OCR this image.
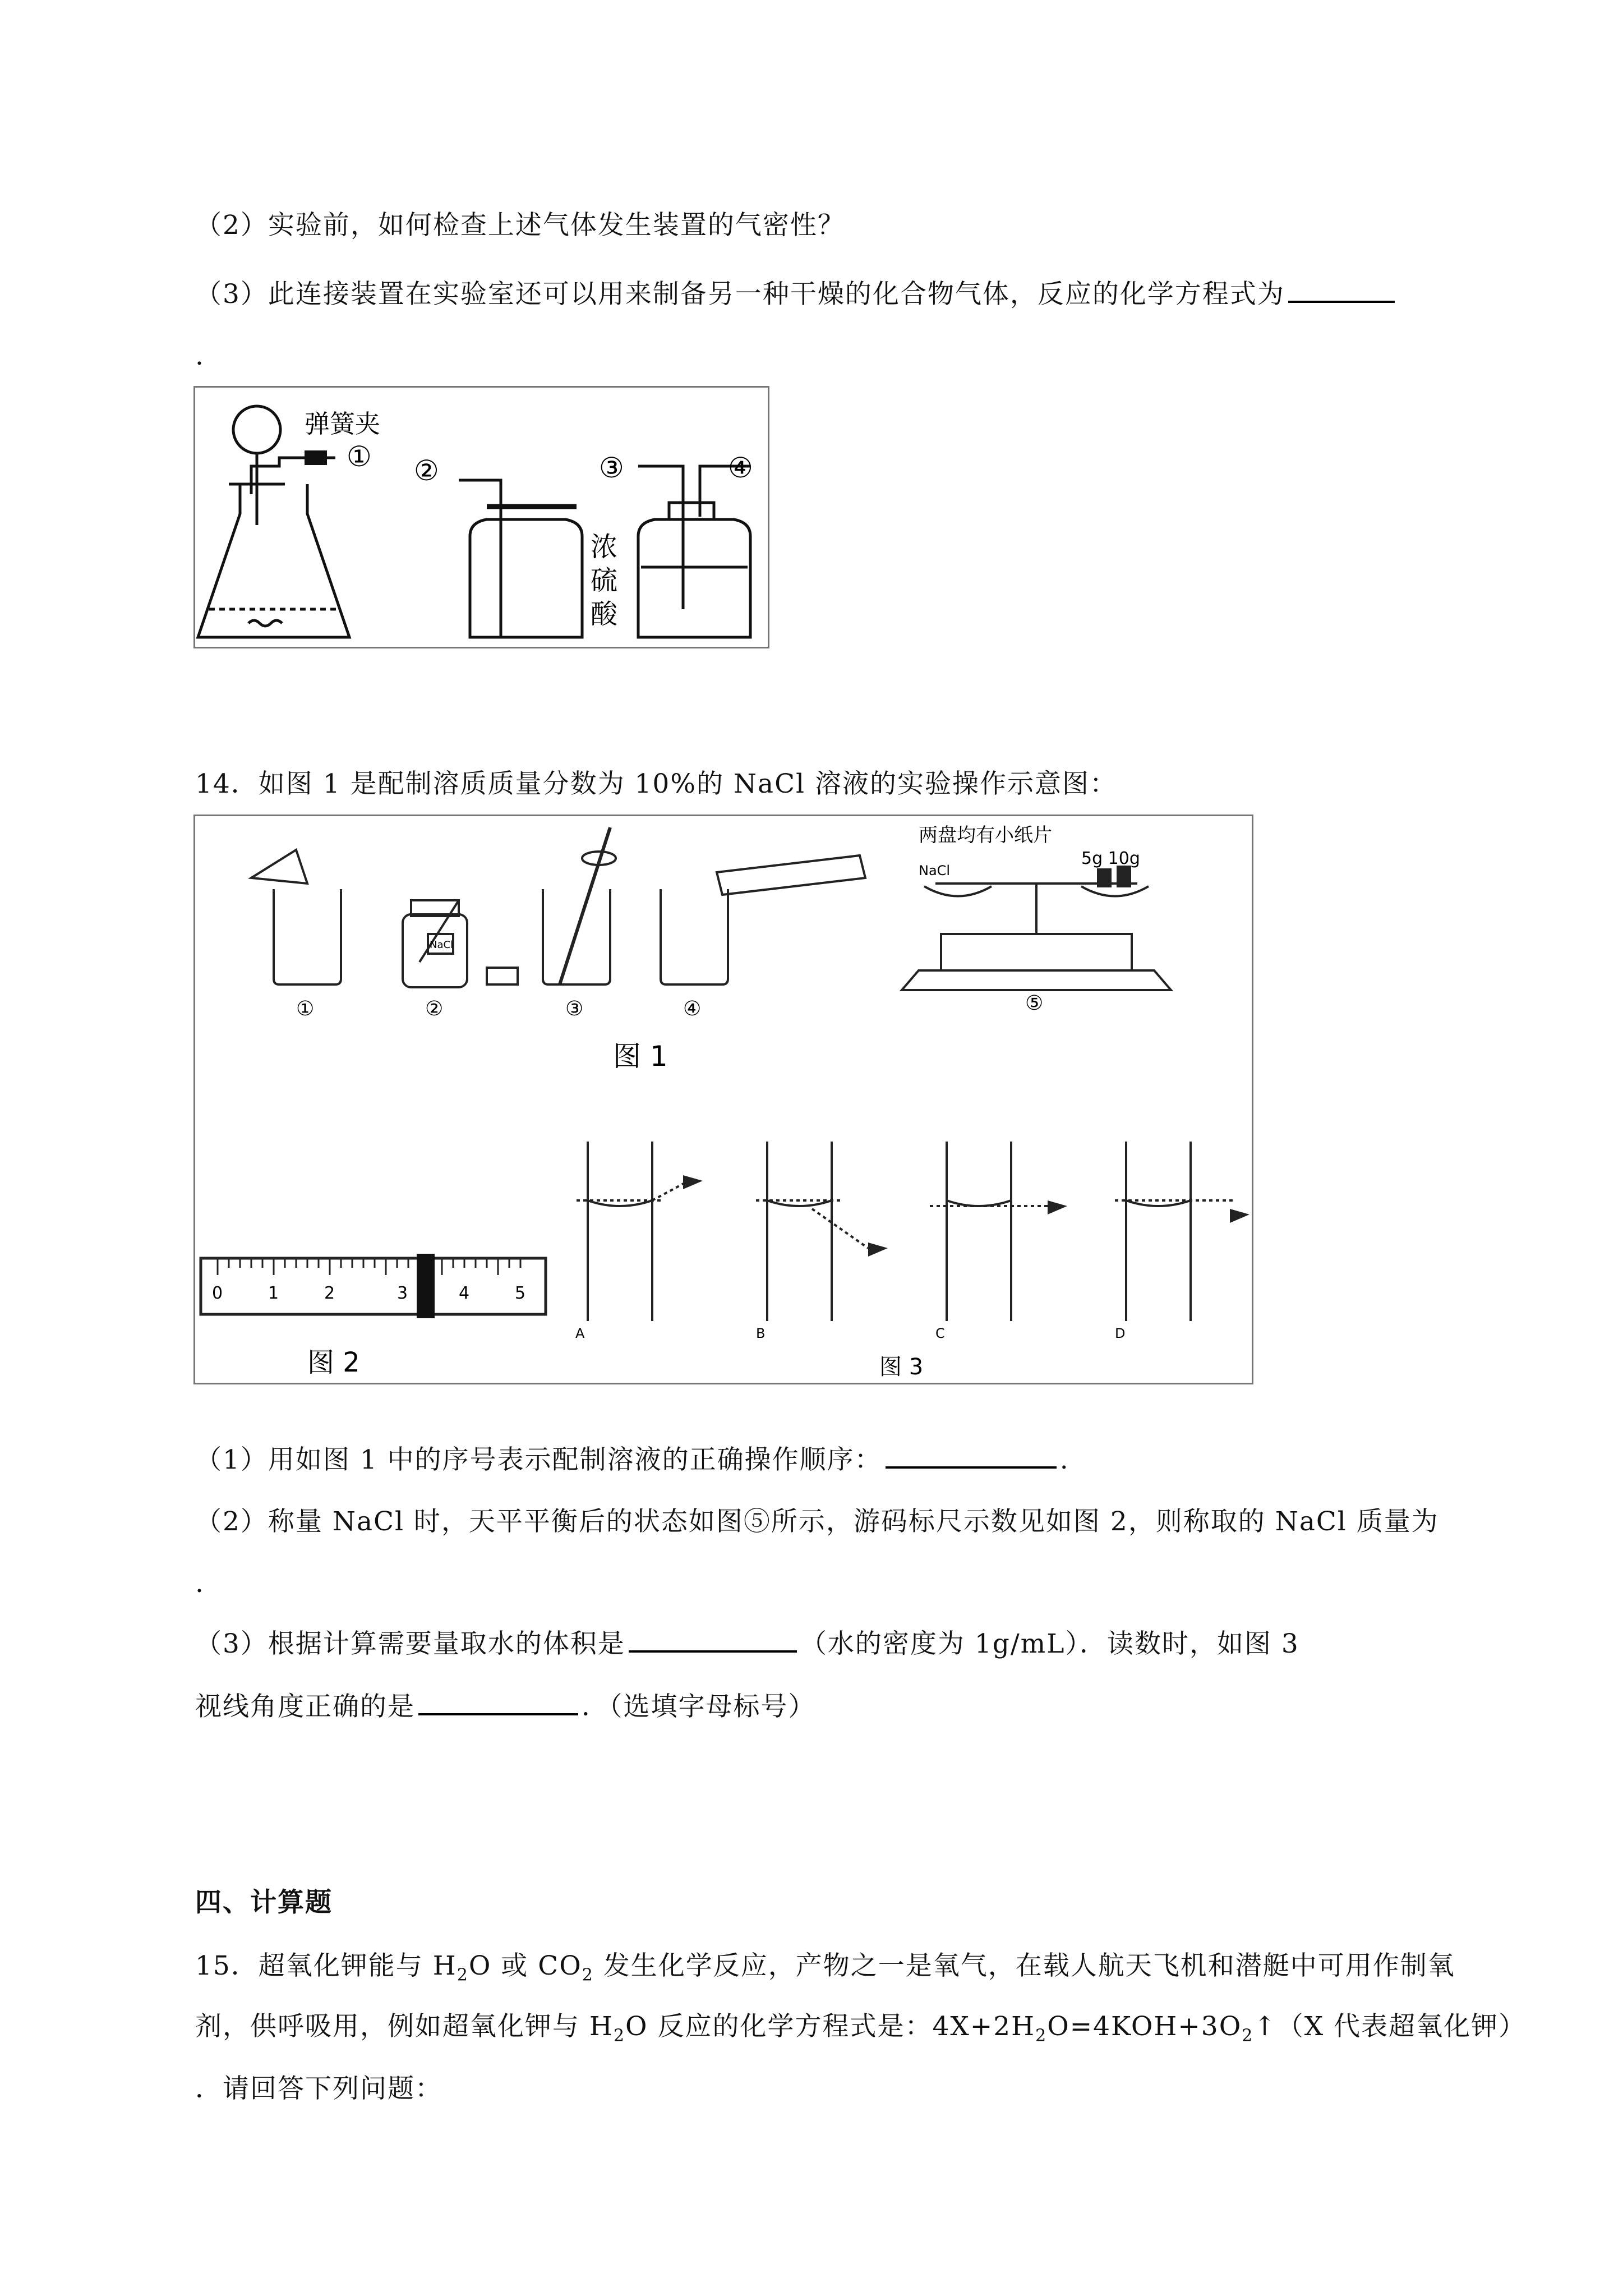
（2）实验前，如何检查上述气体发生装置的气密性？
（3）此连接装置在实验室还可以用来制备另一种干燥的化合物气体，反应的化学方程式为
.
弹簧夹
① ②	③	④
浓
硫
酸
14．如图 1 是配制溶质质量分数为 10%的 NaCl 溶液的实验操作示意图：
①	②	③	④	⑤
NaCl
两盘均有小纸片
5g 10g
NaCl
图 1
0	1	2	3	4	5
图 2
A	B	C	D
图 3
（1）用如图 1 中的序号表示配制溶液的正确操作顺序：	.
（2）称量 NaCl 时，天平平衡后的状态如图⑤所示，游码标尺示数见如图 2，则称取的 NaCl 质量为
.
（3）根据计算需要量取水的体积是	（水的密度为 1g/mL）．读数时，如图 3
视线角度正确的是	．（选填字母标号）
四、计算题
15．超氧化钾能与 $H_2O$ 或 $CO_2$ 发生化学反应，产物之一是氧气，在载人航天飞机和潜艇中可用作制氧
剂，供呼吸用，例如超氧化钾与 $H_2O$ 反应的化学方程式是：$4X+2H_2O=4KOH+3O_2↑(X$ 代表超氧化钾）
．请回答下列问题：
